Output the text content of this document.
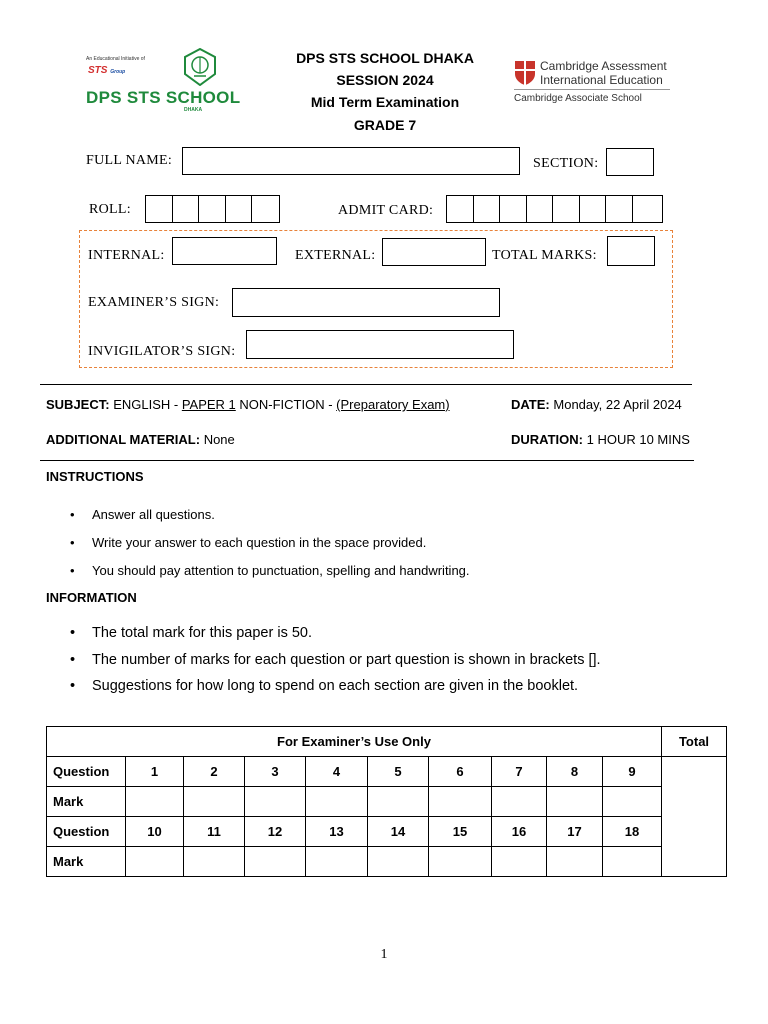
An Educational Initiative of
STS Group
DPS STS SCHOOL
DHAKA
DPS STS SCHOOL DHAKA
SESSION 2024
Mid Term Examination
GRADE 7
Cambridge Assessment
International Education
Cambridge Associate School
FULL NAME:	SECTION:
ROLL:	ADMIT CARD:
INTERNAL:	EXTERNAL:	TOTAL MARKS:
EXAMINER’S SIGN:
INVIGILATOR’S SIGN:
SUBJECT: ENGLISH - PAPER 1 NON-FICTION - (Preparatory Exam)	DATE: Monday, 22 April 2024
ADDITIONAL MATERIAL: None	DURATION: 1 HOUR 10 MINS
INSTRUCTIONS
• Answer all questions.
• Write your answer to each question in the space provided.
• You should pay attention to punctuation, spelling and handwriting.
INFORMATION
• The total mark for this paper is 50.
• The number of marks for each question or part question is shown in brackets [].
• Suggestions for how long to spend on each section are given in the booklet.
For Examiner’s Use Only										Total
Question	1	2	3	4	5	6	7	8	9	
Mark										
Question	10	11	12	13	14	15	16	17	18	
Mark										
1
